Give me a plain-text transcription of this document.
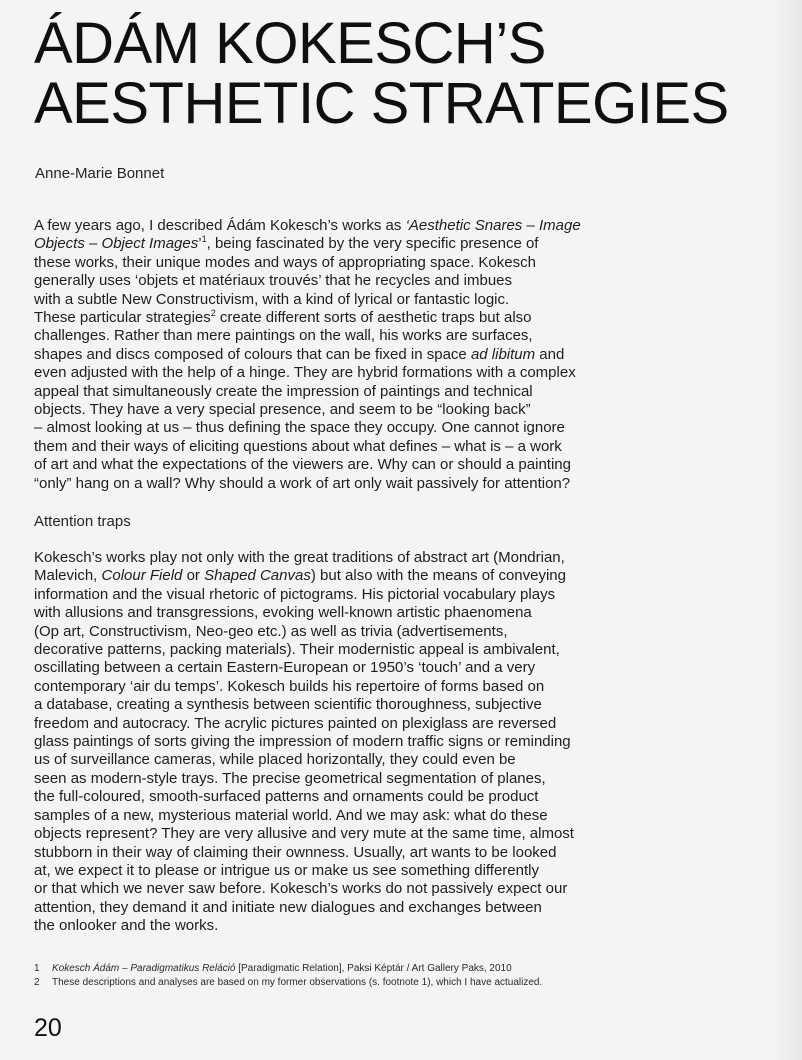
ÁDÁM KOKESCH’S
AESTHETIC STRATEGIES
Anne-Marie Bonnet
A few years ago, I described Ádám Kokesch’s works as ‘Aesthetic Snares – Image
Objects – Object Images’$^1$, being fascinated by the very specific presence of
these works, their unique modes and ways of appropriating space. Kokesch
generally uses ‘objets et matériaux trouvés’ that he recycles and imbues
with a subtle New Constructivism, with a kind of lyrical or fantastic logic.
These particular strategies$^2$ create different sorts of aesthetic traps but also
challenges. Rather than mere paintings on the wall, his works are surfaces,
shapes and discs composed of colours that can be fixed in space ad libitum and
even adjusted with the help of a hinge. They are hybrid formations with a complex
appeal that simultaneously create the impression of paintings and technical
objects. They have a very special presence, and seem to be “looking back”
– almost looking at us – thus defining the space they occupy. One cannot ignore
them and their ways of eliciting questions about what defines – what is – a work
of art and what the expectations of the viewers are. Why can or should a painting
“only” hang on a wall? Why should a work of art only wait passively for attention?
Attention traps
Kokesch’s works play not only with the great traditions of abstract art (Mondrian,
Malevich, Colour Field or Shaped Canvas) but also with the means of conveying
information and the visual rhetoric of pictograms. His pictorial vocabulary plays
with allusions and transgressions, evoking well-known artistic phaenomena
(Op art, Constructivism, Neo-geo etc.) as well as trivia (advertisements,
decorative patterns, packing materials). Their modernistic appeal is ambivalent,
oscillating between a certain Eastern-European or 1950’s ‘touch’ and a very
contemporary ‘air du temps’. Kokesch builds his repertoire of forms based on
a database, creating a synthesis between scientific thoroughness, subjective
freedom and autocracy. The acrylic pictures painted on plexiglass are reversed
glass paintings of sorts giving the impression of modern traffic signs or reminding
us of surveillance cameras, while placed horizontally, they could even be
seen as modern-style trays. The precise geometrical segmentation of planes,
the full-coloured, smooth-surfaced patterns and ornaments could be product
samples of a new, mysterious material world. And we may ask: what do these
objects represent? They are very allusive and very mute at the same time, almost
stubborn in their way of claiming their ownness. Usually, art wants to be looked
at, we expect it to please or intrigue us or make us see something differently
or that which we never saw before. Kokesch’s works do not passively expect our
attention, they demand it and initiate new dialogues and exchanges between
the onlooker and the works.
1 Kokesch Ádám – Paradigmatikus Reláció [Paradigmatic Relation], Paksi Képtár / Art Gallery Paks, 2010
2 These descriptions and analyses are based on my former observations (s. footnote 1), which I have actualized.
20
